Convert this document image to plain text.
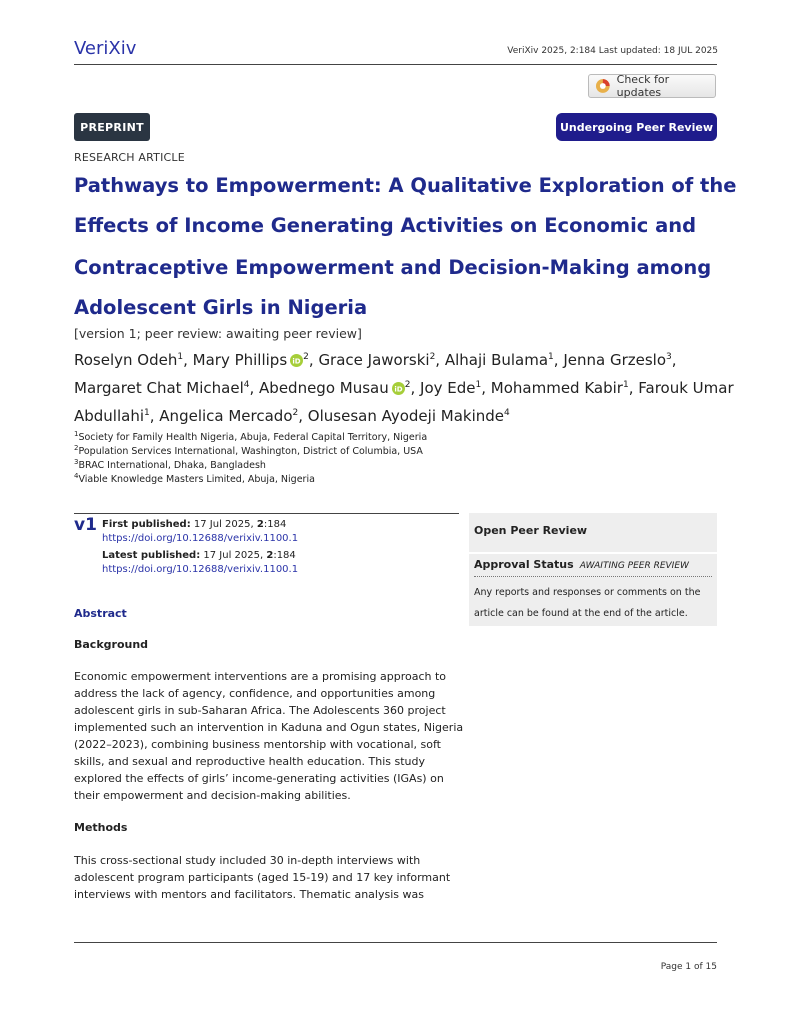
VeriXiv	VeriXiv 2025, 2:184 Last updated: 18 JUL 2025
Check for updates
PREPRINT	Undergoing Peer Review
RESEARCH ARTICLE
Pathways to Empowerment: A Qualitative Exploration of the
Effects of Income Generating Activities on Economic and
Contraceptive Empowerment and Decision-Making among
Adolescent Girls in Nigeria
[version 1; peer review: awaiting peer review]
Roselyn Odeh$^1$, Mary Phillips iD $^2$, Grace Jaworski$^2$, Alhaji Bulama$^1$, Jenna Grzeslo$^3$, Margaret Chat Michael$^4$, Abednego Musau iD $^2$, Joy Ede$^1$, Mohammed Kabir$^1$, Farouk Umar Abdullahi$^1$, Angelica Mercado$^2$, Olusesan Ayodeji Makinde$^4$
$^1$Society for Family Health Nigeria, Abuja, Federal Capital Territory, Nigeria
$^2$Population Services International, Washington, District of Columbia, USA
$^3$BRAC International, Dhaka, Bangladesh
$^4$Viable Knowledge Masters Limited, Abuja, Nigeria
v1 First published: 17 Jul 2025, 2:184
https://doi.org/10.12688/verixiv.1100.1
Latest published: 17 Jul 2025, 2:184
https://doi.org/10.12688/verixiv.1100.1
Open Peer Review
Approval Status AWAITING PEER REVIEW
Any reports and responses or comments on the article can be found at the end of the article.
Abstract
Background
Economic empowerment interventions are a promising approach to address the lack of agency, confidence, and opportunities among adolescent girls in sub-Saharan Africa. The Adolescents 360 project implemented such an intervention in Kaduna and Ogun states, Nigeria (2022–2023), combining business mentorship with vocational, soft skills, and sexual and reproductive health education. This study explored the effects of girls’ income-generating activities (IGAs) on their empowerment and decision-making abilities.
Methods
This cross-sectional study included 30 in-depth interviews with adolescent program participants (aged 15-19) and 17 key informant interviews with mentors and facilitators. Thematic analysis was
Page 1 of 15
